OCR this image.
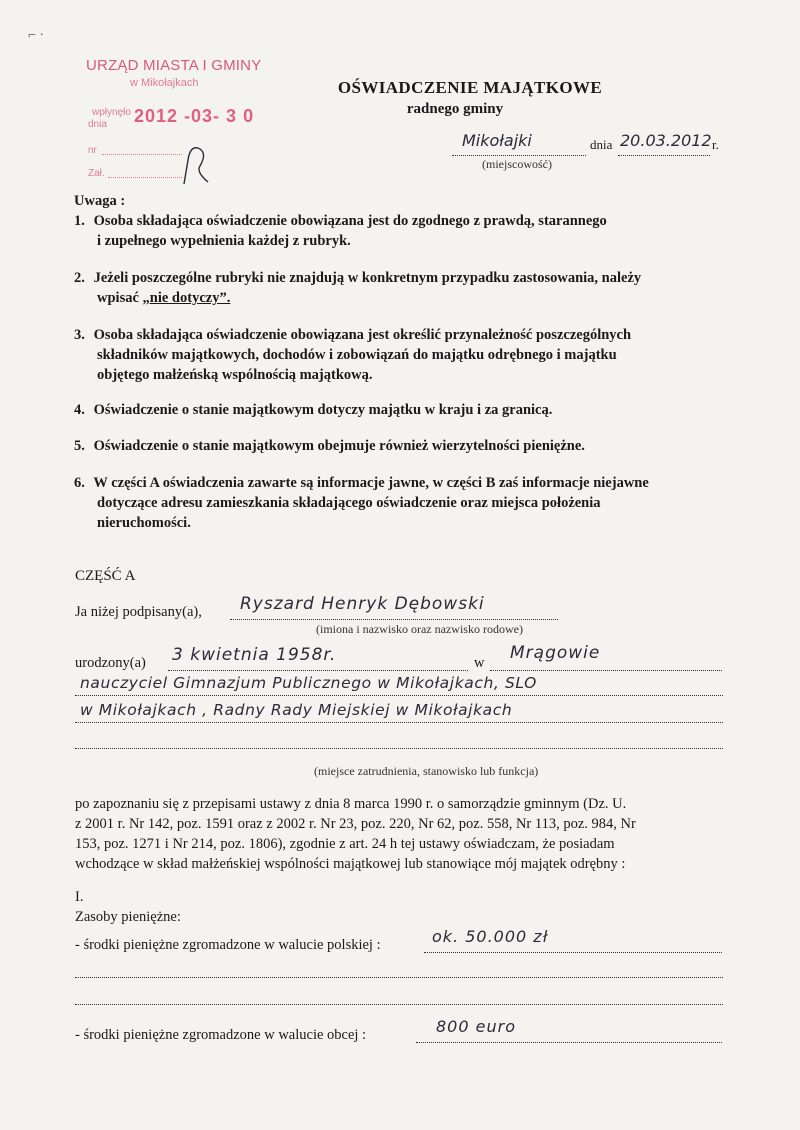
⌐ ·
URZĄD MIASTA I GMINY
w Mikołajkach
wpłynęło
dnia 2012 -03- 3 0
nr
Zał.
OŚWIADCZENIE MAJĄTKOWE
radnego gminy
Mikołajki	dnia 20.03.2012 r.
(miejscowość)
Uwaga :
1. Osoba składająca oświadczenie obowiązana jest do zgodnego z prawdą, starannego
i zupełnego wypełnienia każdej z rubryk.
2. Jeżeli poszczególne rubryki nie znajdują w konkretnym przypadku zastosowania, należy
wpisać „nie dotyczy”.
3. Osoba składająca oświadczenie obowiązana jest określić przynależność poszczególnych
składników majątkowych, dochodów i zobowiązań do majątku odrębnego i majątku
objętego małżeńską wspólnością majątkową.
4. Oświadczenie o stanie majątkowym dotyczy majątku w kraju i za granicą.
5. Oświadczenie o stanie majątkowym obejmuje również wierzytelności pieniężne.
6. W części A oświadczenia zawarte są informacje jawne, w części B zaś informacje niejawne
dotyczące adresu zamieszkania składającego oświadczenie oraz miejsca położenia
nieruchomości.
CZĘŚĆ A
Ja niżej podpisany(a), Ryszard Henryk Dębowski
(imiona i nazwisko oraz nazwisko rodowe)
urodzony(a) 3 kwietnia 1958r.	w Mrągowie
nauczyciel Gimnazjum Publicznego w Mikołajkach, SLO
w Mikołajkach , Radny Rady Miejskiej w Mikołajkach
(miejsce zatrudnienia, stanowisko lub funkcja)
po zapoznaniu się z przepisami ustawy z dnia 8 marca 1990 r. o samorządzie gminnym (Dz. U.
z 2001 r. Nr 142, poz. 1591 oraz z 2002 r. Nr 23, poz. 220, Nr 62, poz. 558, Nr 113, poz. 984, Nr
153, poz. 1271 i Nr 214, poz. 1806), zgodnie z art. 24 h tej ustawy oświadczam, że posiadam
wchodzące w skład małżeńskiej wspólności majątkowej lub stanowiące mój majątek odrębny :
I.
Zasoby pieniężne:
- środki pieniężne zgromadzone w walucie polskiej :	ok. 50.000 zł
- środki pieniężne zgromadzone w walucie obcej :	800 euro
